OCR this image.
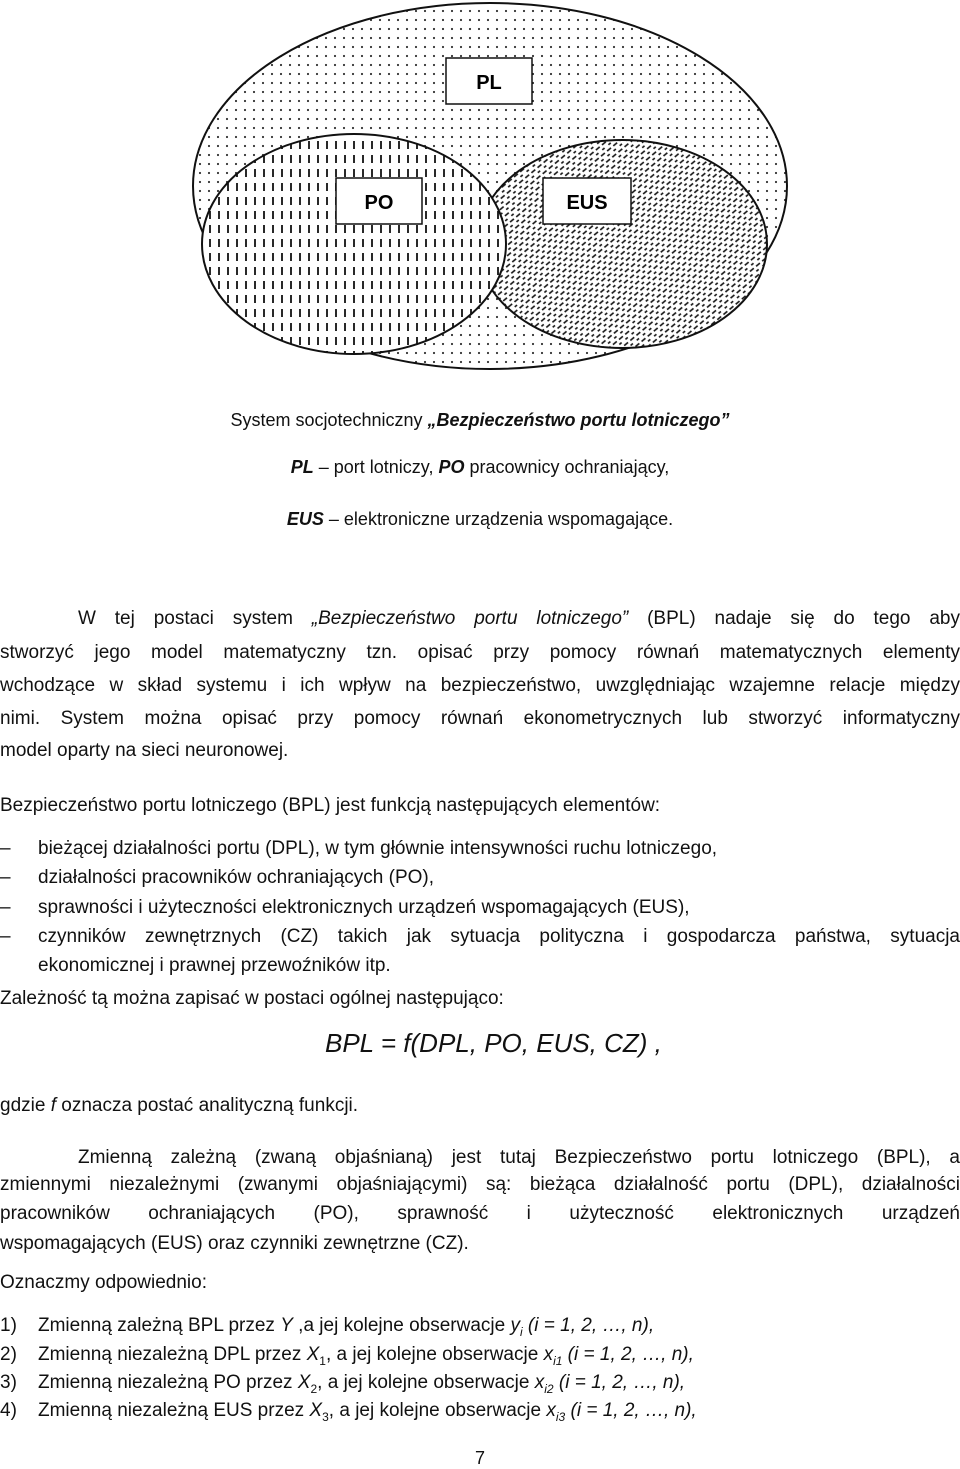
PL
PO	EUS
System socjotechniczny „Bezpieczeństwo portu lotniczego”
PL – port lotniczy, PO pracownicy ochraniający,
EUS – elektroniczne urządzenia wspomagające.
W tej postaci system „Bezpieczeństwo portu lotniczego” (BPL) nadaje się do tego aby
stworzyć jego model matematyczny tzn. opisać przy pomocy równań matematycznych elementy
wchodzące w skład systemu i ich wpływ na bezpieczeństwo, uwzględniając wzajemne relacje między
nimi. System można opisać przy pomocy równań ekonometrycznych lub stworzyć informatyczny
model oparty na sieci neuronowej.
Bezpieczeństwo portu lotniczego (BPL) jest funkcją następujących elementów:
– bieżącej działalności portu (DPL), w tym głównie intensywności ruchu lotniczego,
– działalności pracowników ochraniających (PO),
– sprawności i użyteczności elektronicznych urządzeń wspomagających (EUS),
– czynników zewnętrznych (CZ) takich jak sytuacja polityczna i gospodarcza państwa, sytuacja
ekonomicznej i prawnej przewoźników itp.
Zależność tą można zapisać w postaci ogólnej następująco:
BPL = f(DPL, PO, EUS, CZ) ,
gdzie f oznacza postać analityczną funkcji.
Zmienną zależną (zwaną objaśnianą) jest tutaj Bezpieczeństwo portu lotniczego (BPL), a
zmiennymi niezależnymi (zwanymi objaśniającymi) są: bieżąca działalność portu (DPL), działalności
pracowników ochraniających (PO), sprawność i użyteczność elektronicznych urządzeń
wspomagających (EUS) oraz czynniki zewnętrzne (CZ).
Oznaczmy odpowiednio:
1) Zmienną zależną BPL przez Y ,a jej kolejne obserwacje $y_i$ (i = 1, 2, …, n),
2) Zmienną niezależną DPL przez $X_1$, a jej kolejne obserwacje $x_{i1}$ (i = 1, 2, …, n),
3) Zmienną niezależną PO przez $X_2$, a jej kolejne obserwacje $x_{i2}$ (i = 1, 2, …, n),
4) Zmienną niezależną EUS przez $X_3$, a jej kolejne obserwacje $x_{i3}$ (i = 1, 2, …, n),
7
